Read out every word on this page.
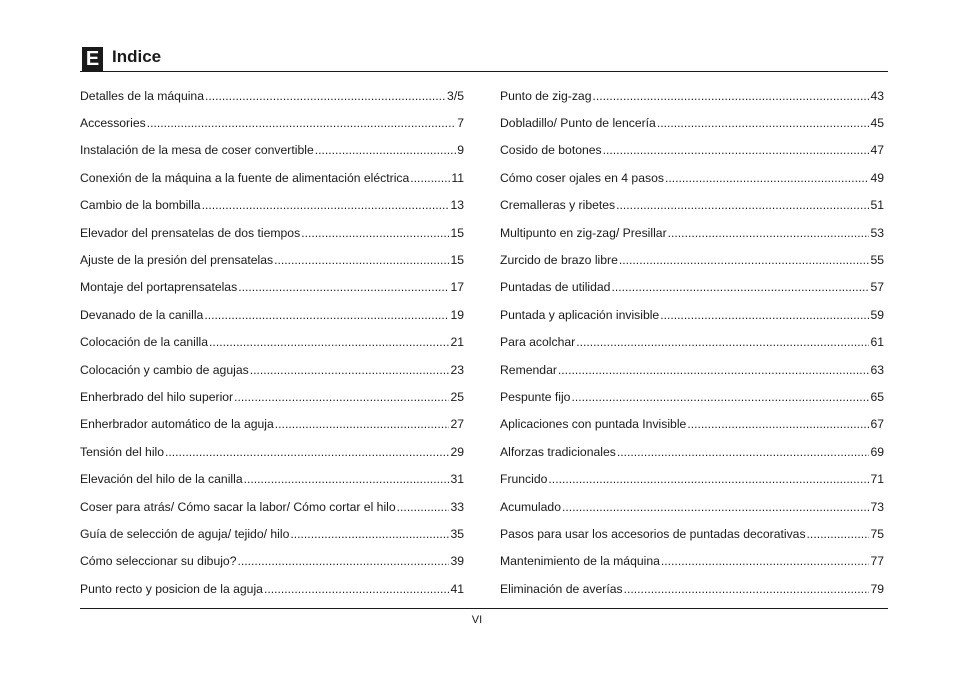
E Indice
Detalles de la máquina .....	3/5
Accessories .....	7
Instalación de la mesa de coser convertible .....	9
Conexión de la máquina a la fuente de alimentación eléctrica .....	11
Cambio de la bombilla .....	13
Elevador del prensatelas de dos tiempos .....	15
Ajuste de la presión del prensatelas .....	15
Montaje del portaprensatelas .....	17
Devanado de la canilla .....	19
Colocación de la canilla .....	21
Colocación y cambio de agujas .....	23
Enherbrado del hilo superior .....	25
Enherbrador automático de la aguja .....	27
Tensión del hilo .....	29
Elevación del hilo de la canilla .....	31
Coser para atrás/ Cómo sacar la labor/ Cómo cortar el hilo .....	33
Guía de selección de aguja/ tejido/ hilo .....	35
Cómo seleccionar su dibujo? .....	39
Punto recto y posicion de la aguja .....	41
Punto de zig-zag .....	43
Dobladillo/ Punto de lencería .....	45
Cosido de botones .....	47
Cómo coser ojales en 4 pasos .....	49
Cremalleras y ribetes .....	51
Multipunto en zig-zag/ Presillar .....	53
Zurcido de brazo libre .....	55
Puntadas de utilidad .....	57
Puntada y aplicación invisible .....	59
Para acolchar .....	61
Remendar .....	63
Pespunte fijo .....	65
Aplicaciones con puntada Invisible .....	67
Alforzas tradicionales .....	69
Fruncido .....	71
Acumulado .....	73
Pasos para usar los accesorios de puntadas decorativas .....	75
Mantenimiento de la máquina .....	77
Eliminación de averías .....	79
VI
